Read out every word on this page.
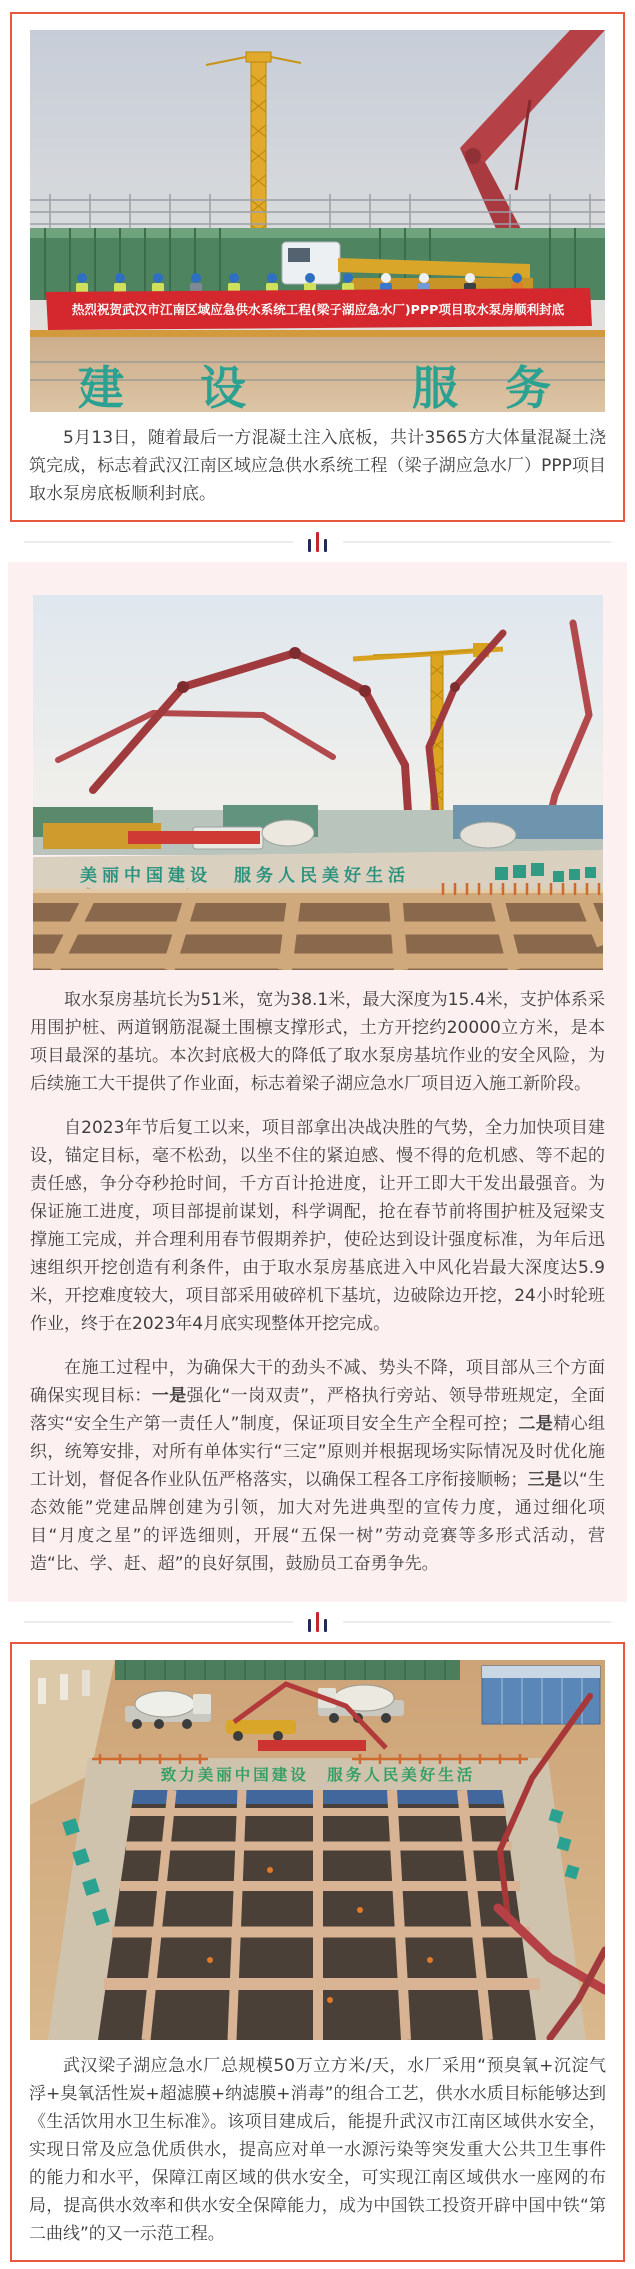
热烈祝贺武汉市江南区域应急供水系统工程(梁子湖应急水厂)PPP项目取水泵房顺利封底
建 设	服 务

5月13日，随着最后一方混凝土注入底板，共计3565方大体量混凝土浇筑完成，标志着武汉江南区域应急供水系统工程（梁子湖应急水厂）PPP项目取水泵房底板顺利封底。

美丽中国建设　服务人民美好生活

取水泵房基坑长为51米，宽为38.1米，最大深度为15.4米，支护体系采用围护桩、两道钢筋混凝土围檩支撑形式，土方开挖约20000立方米，是本项目最深的基坑。本次封底极大的降低了取水泵房基坑作业的安全风险，为后续施工大干提供了作业面，标志着梁子湖应急水厂项目迈入施工新阶段。

自2023年节后复工以来，项目部拿出决战决胜的气势，全力加快项目建设，锚定目标，毫不松劲，以坐不住的紧迫感、慢不得的危机感、等不起的责任感，争分夺秒抢时间，千方百计抢进度，让开工即大干发出最强音。为保证施工进度，项目部提前谋划，科学调配，抢在春节前将围护桩及冠梁支撑施工完成，并合理利用春节假期养护，使砼达到设计强度标准，为年后迅速组织开挖创造有利条件，由于取水泵房基底进入中风化岩最大深度达5.9米，开挖难度较大，项目部采用破碎机下基坑，边破除边开挖，24小时轮班作业，终于在2023年4月底实现整体开挖完成。

在施工过程中，为确保大干的劲头不减、势头不降，项目部从三个方面确保实现目标：一是强化“一岗双责”，严格执行旁站、领导带班规定，全面落实“安全生产第一责任人”制度，保证项目安全生产全程可控；二是精心组织，统筹安排，对所有单体实行“三定”原则并根据现场实际情况及时优化施工计划，督促各作业队伍严格落实，以确保工程各工序衔接顺畅；三是以“生态效能”党建品牌创建为引领，加大对先进典型的宣传力度，通过细化项目“月度之星”的评选细则，开展“五保一树”劳动竞赛等多形式活动，营造“比、学、赶、超”的良好氛围，鼓励员工奋勇争先。

致力美丽中国建设　服务人民美好生活

武汉梁子湖应急水厂总规模50万立方米/天，水厂采用“预臭氧+沉淀气浮+臭氧活性炭+超滤膜+纳滤膜+消毒”的组合工艺，供水水质目标能够达到《生活饮用水卫生标准》。该项目建成后，能提升武汉市江南区域供水安全，实现日常及应急优质供水，提高应对单一水源污染等突发重大公共卫生事件的能力和水平，保障江南区域的供水安全，可实现江南区域供水一座网的布局，提高供水效率和供水安全保障能力，成为中国铁工投资开辟中国中铁“第二曲线”的又一示范工程。
